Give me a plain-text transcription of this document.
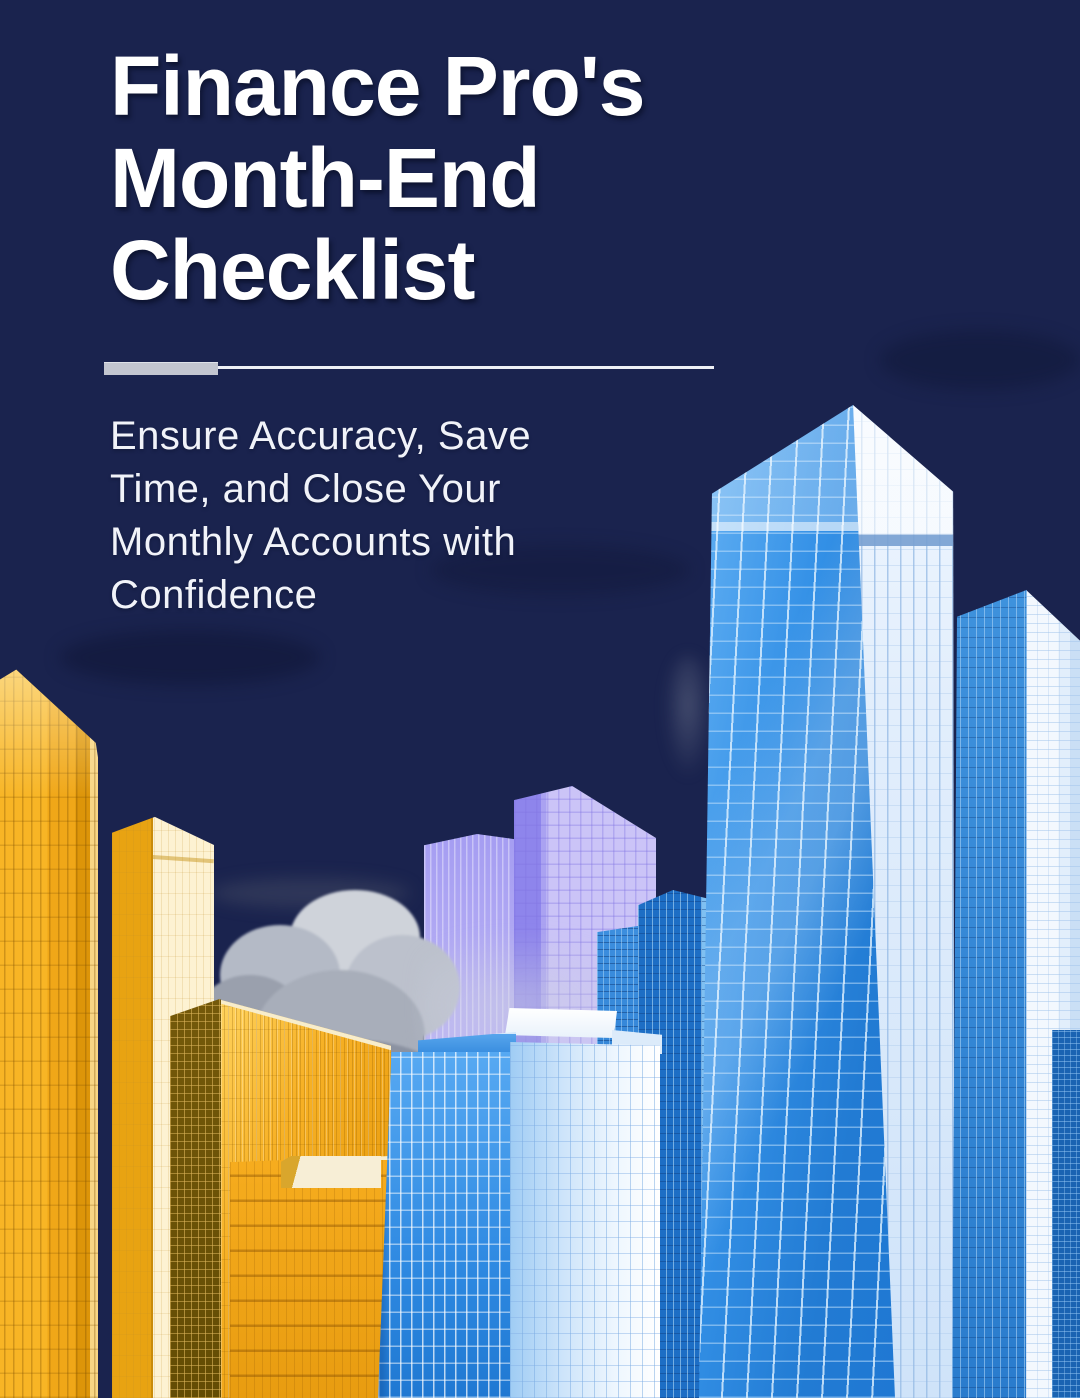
Finance Pro's
Month-End
Checklist
Ensure Accuracy, Save
Time, and Close Your
Monthly Accounts with
Confidence
